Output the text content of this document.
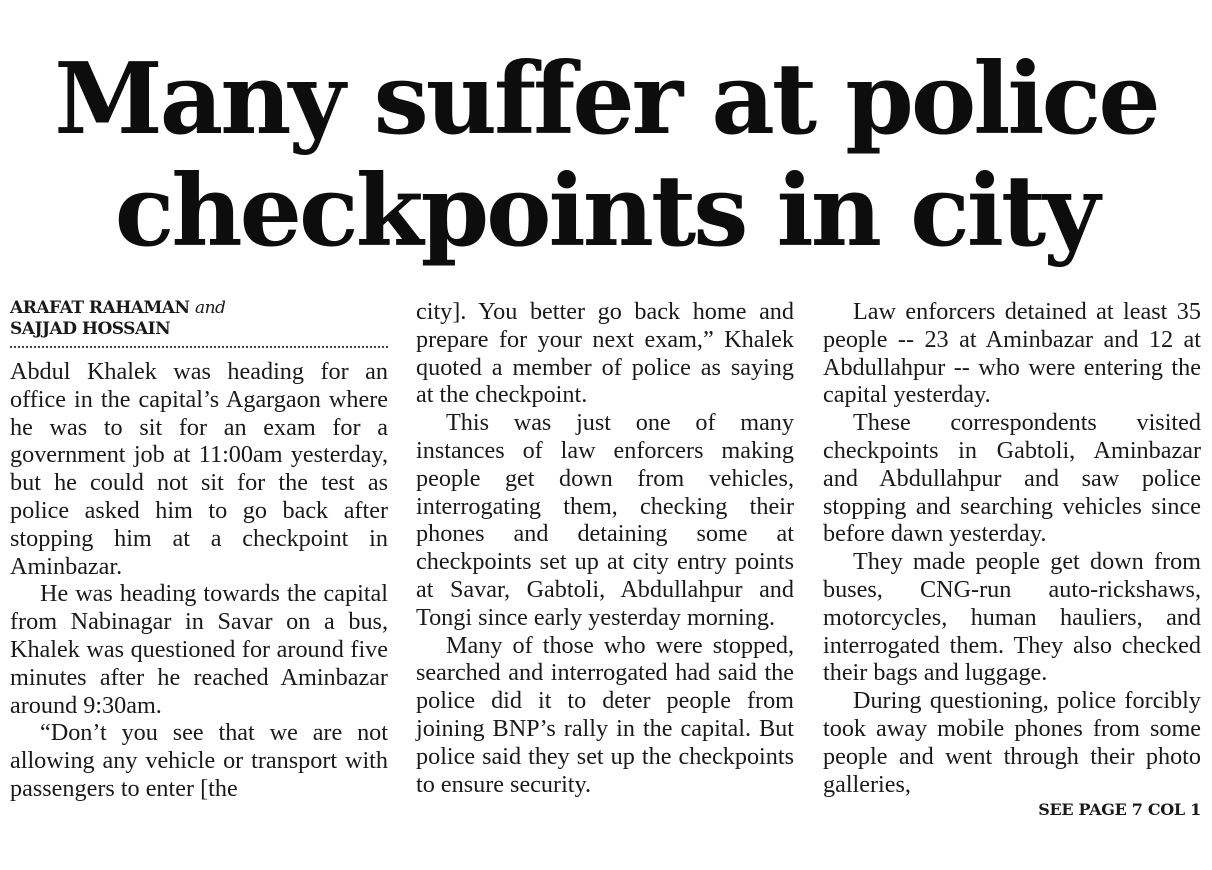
Many suffer at police checkpoints in city
ARAFAT RAHAMAN and
SAJJAD HOSSAIN

Abdul Khalek was heading for an office in the capital’s Agargaon where he was to sit for an exam for a government job at 11:00am yesterday, but he could not sit for the test as police asked him to go back after stopping him at a checkpoint in Aminbazar.

He was heading towards the capital from Nabinagar in Savar on a bus, Khalek was questioned for around five minutes after he reached Aminbazar around 9:30am.

“Don’t you see that we are not allowing any vehicle or transport with passengers to enter [the

city]. You better go back home and prepare for your next exam,” Khalek quoted a member of police as saying at the checkpoint.

This was just one of many instances of law enforcers making people get down from vehicles, interrogating them, checking their phones and detaining some at checkpoints set up at city entry points at Savar, Gabtoli, Abdullahpur and Tongi since early yesterday morning.

Many of those who were stopped, searched and interrogated had said the police did it to deter people from joining BNP’s rally in the capital. But police said they set up the checkpoints to ensure security.

Law enforcers detained at least 35 people -- 23 at Aminbazar and 12 at Abdullahpur -- who were entering the capital yesterday.

These correspondents visited checkpoints in Gabtoli, Aminbazar and Abdullahpur and saw police stopping and searching vehicles since before dawn yesterday.

They made people get down from buses, CNG-run auto-rickshaws, motorcycles, human hauliers, and interrogated them. They also checked their bags and luggage.

During questioning, police forcibly took away mobile phones from some people and went through their photo galleries,

SEE PAGE 7 COL 1
